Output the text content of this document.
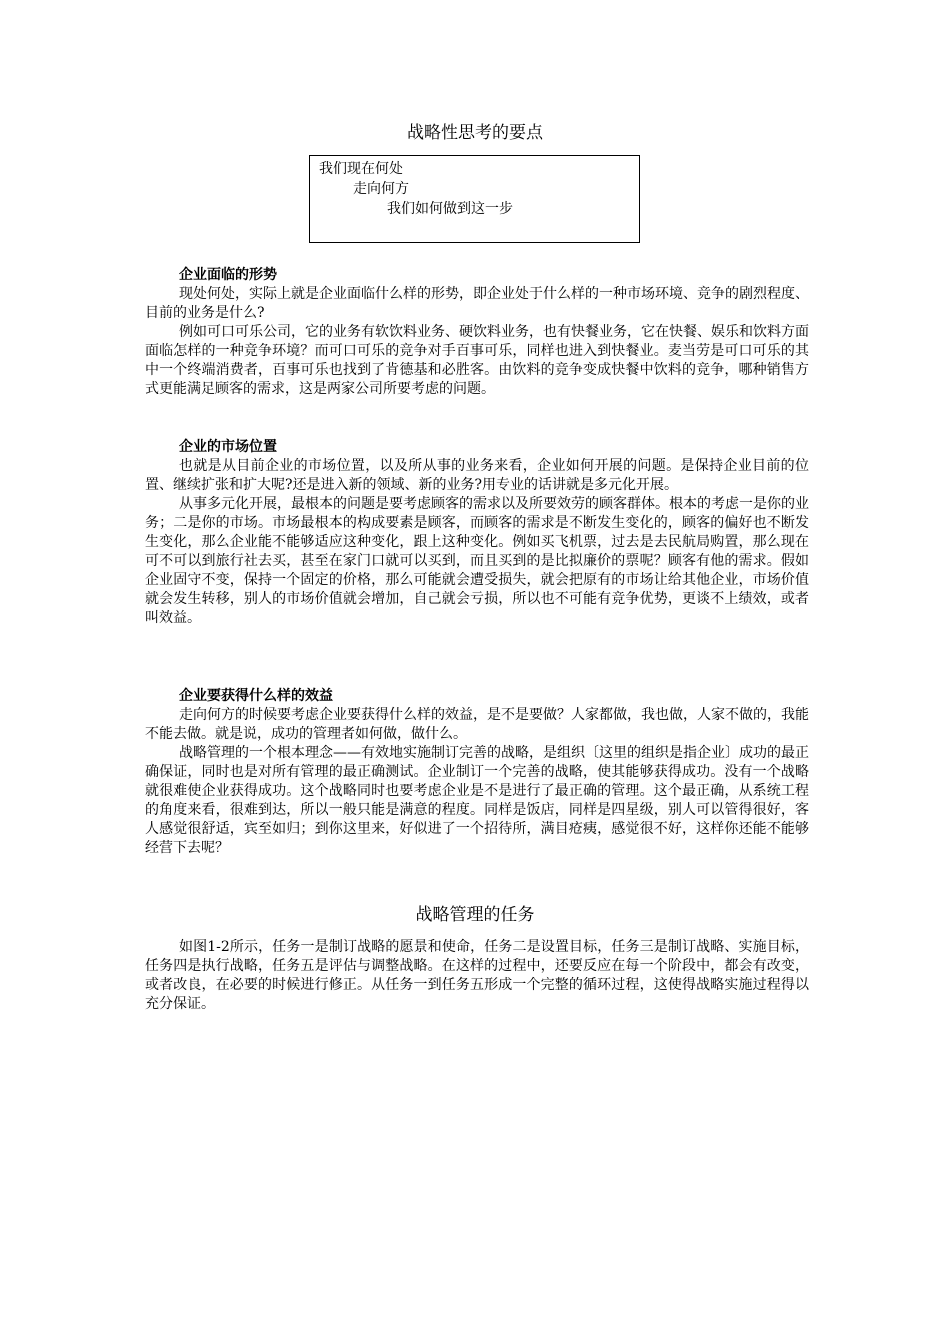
战略性思考的要点
我们现在何处
走向何方
我们如何做到这一步
企业面临的形势

现处何处，实际上就是企业面临什么样的形势，即企业处于什么样的一种市场环境、竞争的剧烈程度、目前的业务是什么?

例如可口可乐公司，它的业务有软饮料业务、硬饮料业务，也有快餐业务，它在快餐、娱乐和饮料方面面临怎样的一种竞争环境？而可口可乐的竞争对手百事可乐，同样也进入到快餐业。麦当劳是可口可乐的其中一个终端消费者，百事可乐也找到了肯德基和必胜客。由饮料的竞争变成快餐中饮料的竞争，哪种销售方式更能满足顾客的需求，这是两家公司所要考虑的问题。

企业的市场位置

也就是从目前企业的市场位置，以及所从事的业务来看，企业如何开展的问题。是保持企业目前的位置、继续扩张和扩大呢?还是进入新的领域、新的业务?用专业的话讲就是多元化开展。

从事多元化开展，最根本的问题是要考虑顾客的需求以及所要效劳的顾客群体。根本的考虑一是你的业务；二是你的市场。市场最根本的构成要素是顾客，而顾客的需求是不断发生变化的，顾客的偏好也不断发生变化，那么企业能不能够适应这种变化，跟上这种变化。例如买飞机票，过去是去民航局购置，那么现在可不可以到旅行社去买，甚至在家门口就可以买到，而且买到的是比拟廉价的票呢？顾客有他的需求。假如企业固守不变，保持一个固定的价格，那么可能就会遭受损失，就会把原有的市场让给其他企业，市场价值就会发生转移，别人的市场价值就会增加，自己就会亏损，所以也不可能有竞争优势，更谈不上绩效，或者叫效益。

企业要获得什么样的效益

走向何方的时候要考虑企业要获得什么样的效益，是不是要做？人家都做，我也做，人家不做的，我能不能去做。就是说，成功的管理者如何做，做什么。

战略管理的一个根本理念——有效地实施制订完善的战略，是组织〔这里的组织是指企业〕成功的最正确保证，同时也是对所有管理的最正确测试。企业制订一个完善的战略，使其能够获得成功。没有一个战略就很难使企业获得成功。这个战略同时也要考虑企业是不是进行了最正确的管理。这个最正确，从系统工程的角度来看，很难到达，所以一般只能是满意的程度。同样是饭店，同样是四星级，别人可以管得很好，客人感觉很舒适，宾至如归；到你这里来，好似进了一个招待所，满目疮痍，感觉很不好，这样你还能不能够经营下去呢？

战略管理的任务

如图1-2所示，任务一是制订战略的愿景和使命，任务二是设置目标，任务三是制订战略、实施目标，任务四是执行战略，任务五是评估与调整战略。在这样的过程中，还要反应在每一个阶段中，都会有改变，或者改良，在必要的时候进行修正。从任务一到任务五形成一个完整的循环过程，这使得战略实施过程得以充分保证。
